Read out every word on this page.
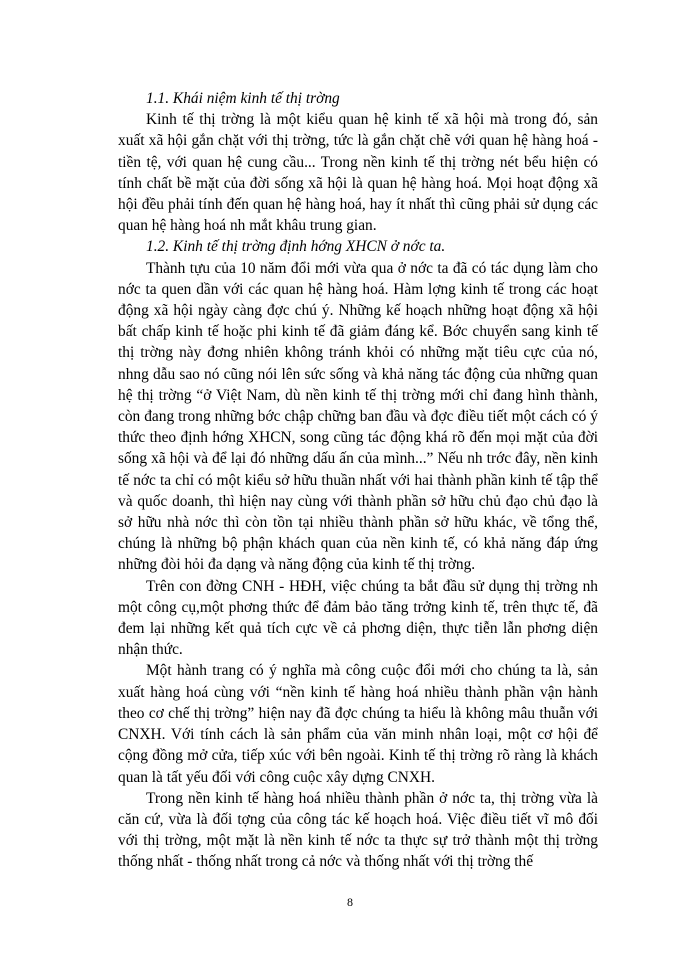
1.1. Khái niệm kinh tế thị trờng

Kinh tế thị trờng là một kiểu quan hệ kinh tế xã hội mà trong đó, sản xuất xã hội gắn chặt với thị trờng, tức là gắn chặt chẽ với quan hệ hàng hoá - tiền tệ, với quan hệ cung cầu... Trong nền kinh tế thị trờng nét bểu hiện có tính chất bề mặt của đời sống xã hội là quan hệ hàng hoá. Mọi hoạt động xã hội đều phải tính đến quan hệ hàng hoá, hay ít nhất thì cũng phải sử dụng các quan hệ hàng hoá nh mắt khâu trung gian.

1.2. Kinh tế thị trờng định hớng XHCN ở nớc ta.

Thành tựu của 10 năm đổi mới vừa qua ở nớc ta đã có tác dụng làm cho nớc ta quen dần với các quan hệ hàng hoá. Hàm lợng kinh tế trong các hoạt động xã hội ngày càng đợc chú ý. Những kế hoạch những hoạt động xã hội bất chấp kinh tế hoặc phi kinh tế đã giảm đáng kể. Bớc chuyển sang kinh tế thị trờng này đơng nhiên không tránh khỏi có những mặt tiêu cực của nó, nhng dẫu sao nó cũng nói lên sức sống và khả năng tác động của những quan hệ thị trờng “ở Việt Nam, dù nền kinh tế thị trờng mới chỉ đang hình thành, còn đang trong những bớc chập chững ban đầu và đợc điều tiết một cách có ý thức theo định hớng XHCN, song cũng tác động khá rõ đến mọi mặt của đời sống xã hội và để lại đó những dấu ấn của mình...” Nếu nh trớc đây, nền kinh tế nớc ta chỉ có một kiểu sở hữu thuần nhất với hai thành phần kinh tế tập thể và quốc doanh, thì hiện nay cùng với thành phần sở hữu chủ đạo chủ đạo là sở hữu nhà nớc thì còn tồn tại nhiều thành phần sở hữu khác, về tổng thể, chúng là những bộ phận khách quan của nền kinh tế, có khả năng đáp ứng những đòi hỏi đa dạng và năng động của kinh tế thị trờng.

Trên con đờng CNH - HĐH, việc chúng ta bắt đầu sử dụng thị trờng nh một công cụ,một phơng thức để đảm bảo tăng trởng kinh tế, trên thực tế, đã đem lại những kết quả tích cực về cả phơng diện, thực tiễn lẫn phơng diện nhận thức.

Một hành trang có ý nghĩa mà công cuộc đổi mới cho chúng ta là, sản xuất hàng hoá cùng với “nền kinh tế hàng hoá nhiều thành phần vận hành theo cơ chế thị trờng” hiện nay đã đợc chúng ta hiểu là không mâu thuẫn với CNXH. Với tính cách là sản phẩm của văn minh nhân loại, một cơ hội để cộng đồng mở cửa, tiếp xúc với bên ngoài. Kinh tế thị trờng rõ ràng là khách quan là tất yếu đối với công cuộc xây dựng CNXH.

Trong nền kinh tế hàng hoá nhiều thành phần ở nớc ta, thị trờng vừa là căn cứ, vừa là đối tợng của công tác kế hoạch hoá. Việc điều tiết vĩ mô đối với thị trờng, một mặt là nền kinh tế nớc ta thực sự trở thành một thị trờng thống nhất - thống nhất trong cả nớc và thống nhất với thị trờng thế

8
